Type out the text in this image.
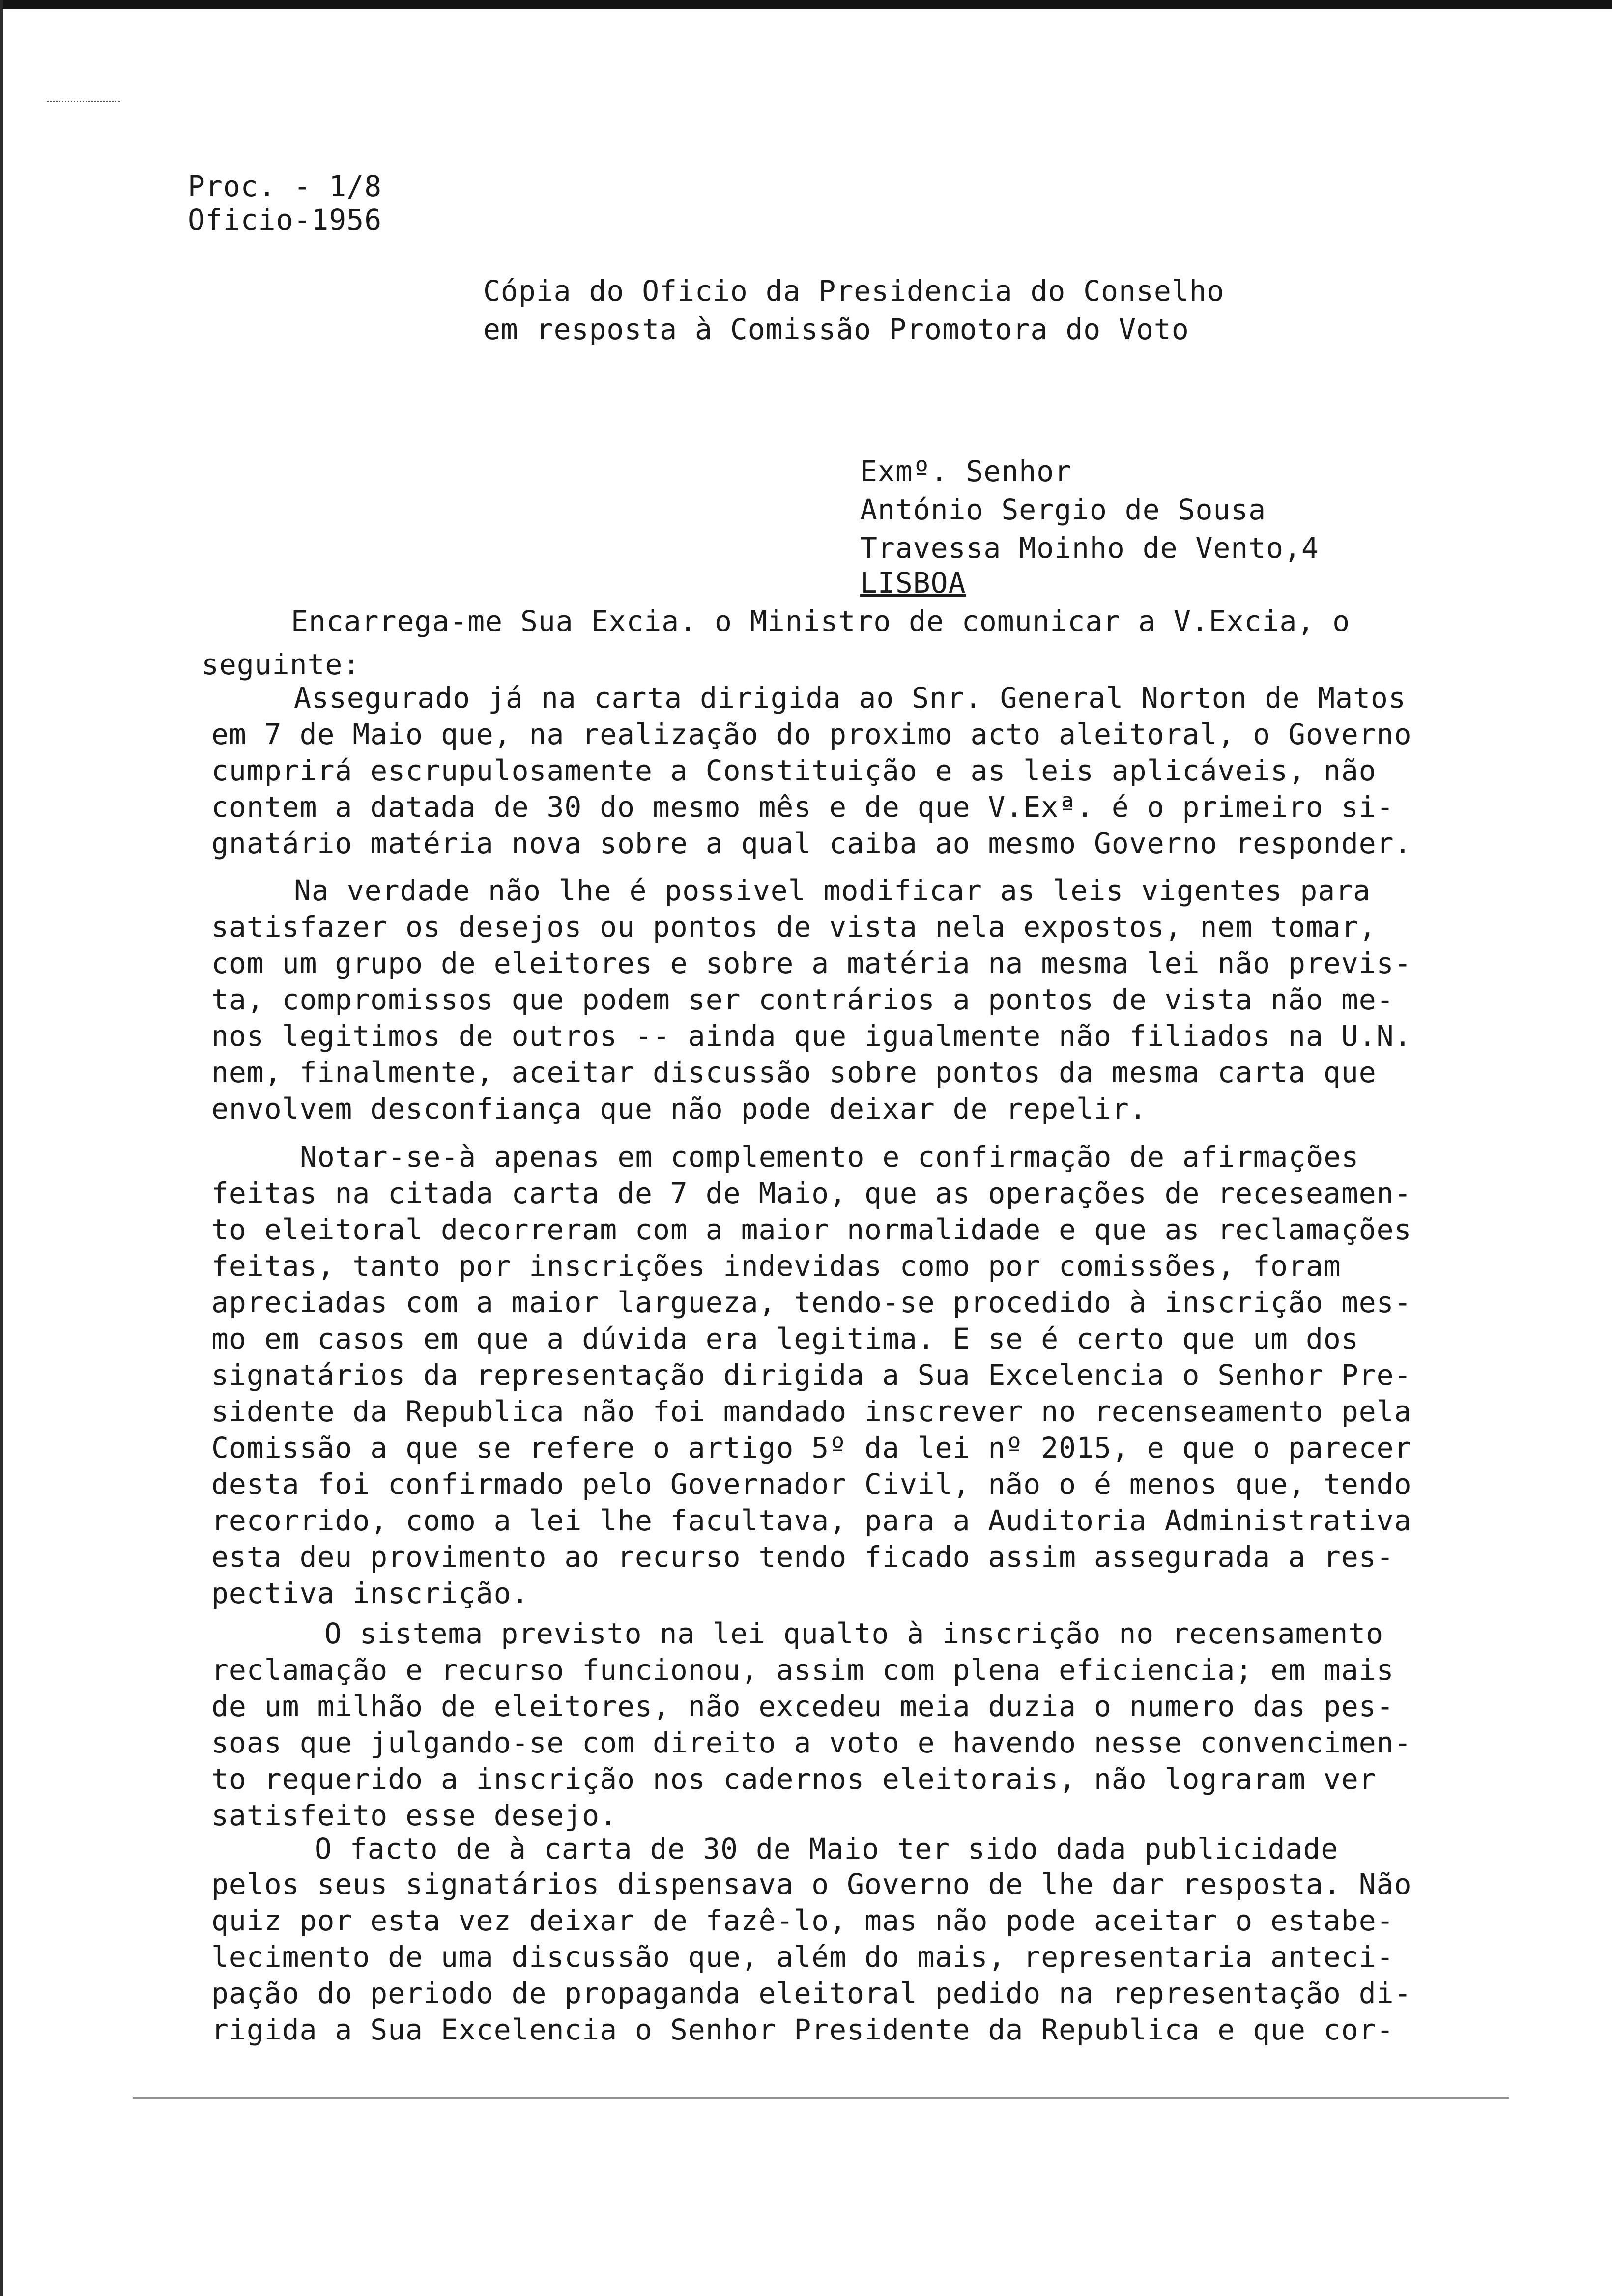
Proc. - 1/8
Oficio-1956
Cópia do Oficio da Presidencia do Conselho
em resposta à Comissão Promotora do Voto
Exmº. Senhor
António Sergio de Sousa
Travessa Moinho de Vento,4
LISBOA
Encarrega-me Sua Excia. o Ministro de comunicar a V.Excia, o
seguinte:
Assegurado já na carta dirigida ao Snr. General Norton de Matos
em 7 de Maio que, na realização do proximo acto aleitoral, o Governo
cumprirá escrupulosamente a Constituição e as leis aplicáveis, não
contem a datada de 30 do mesmo mês e de que V.Exª. é o primeiro si-
gnatário matéria nova sobre a qual caiba ao mesmo Governo responder.
Na verdade não lhe é possivel modificar as leis vigentes para
satisfazer os desejos ou pontos de vista nela expostos, nem tomar,
com um grupo de eleitores e sobre a matéria na mesma lei não previs-
ta, compromissos que podem ser contrários a pontos de vista não me-
nos legitimos de outros -- ainda que igualmente não filiados na U.N.
nem, finalmente, aceitar discussão sobre pontos da mesma carta que
envolvem desconfiança que não pode deixar de repelir.
Notar-se-à apenas em complemento e confirmação de afirmações
feitas na citada carta de 7 de Maio, que as operações de receseamen-
to eleitoral decorreram com a maior normalidade e que as reclamações
feitas, tanto por inscrições indevidas como por comissões, foram
apreciadas com a maior largueza, tendo-se procedido à inscrição mes-
mo em casos em que a dúvida era legitima. E se é certo que um dos
signatários da representação dirigida a Sua Excelencia o Senhor Pre-
sidente da Republica não foi mandado inscrever no recenseamento pela
Comissão a que se refere o artigo 5º da lei nº 2015, e que o parecer
desta foi confirmado pelo Governador Civil, não o é menos que, tendo
recorrido, como a lei lhe facultava, para a Auditoria Administrativa
esta deu provimento ao recurso tendo ficado assim assegurada a res-
pectiva inscrição.
O sistema previsto na lei qualto à inscrição no recensamento
reclamação e recurso funcionou, assim com plena eficiencia; em mais
de um milhão de eleitores, não excedeu meia duzia o numero das pes-
soas que julgando-se com direito a voto e havendo nesse convencimen-
to requerido a inscrição nos cadernos eleitorais, não lograram ver
satisfeito esse desejo.
O facto de à carta de 30 de Maio ter sido dada publicidade
pelos seus signatários dispensava o Governo de lhe dar resposta. Não
quiz por esta vez deixar de fazê-lo, mas não pode aceitar o estabe-
lecimento de uma discussão que, além do mais, representaria anteci-
pação do periodo de propaganda eleitoral pedido na representação di-
rigida a Sua Excelencia o Senhor Presidente da Republica e que cor-
